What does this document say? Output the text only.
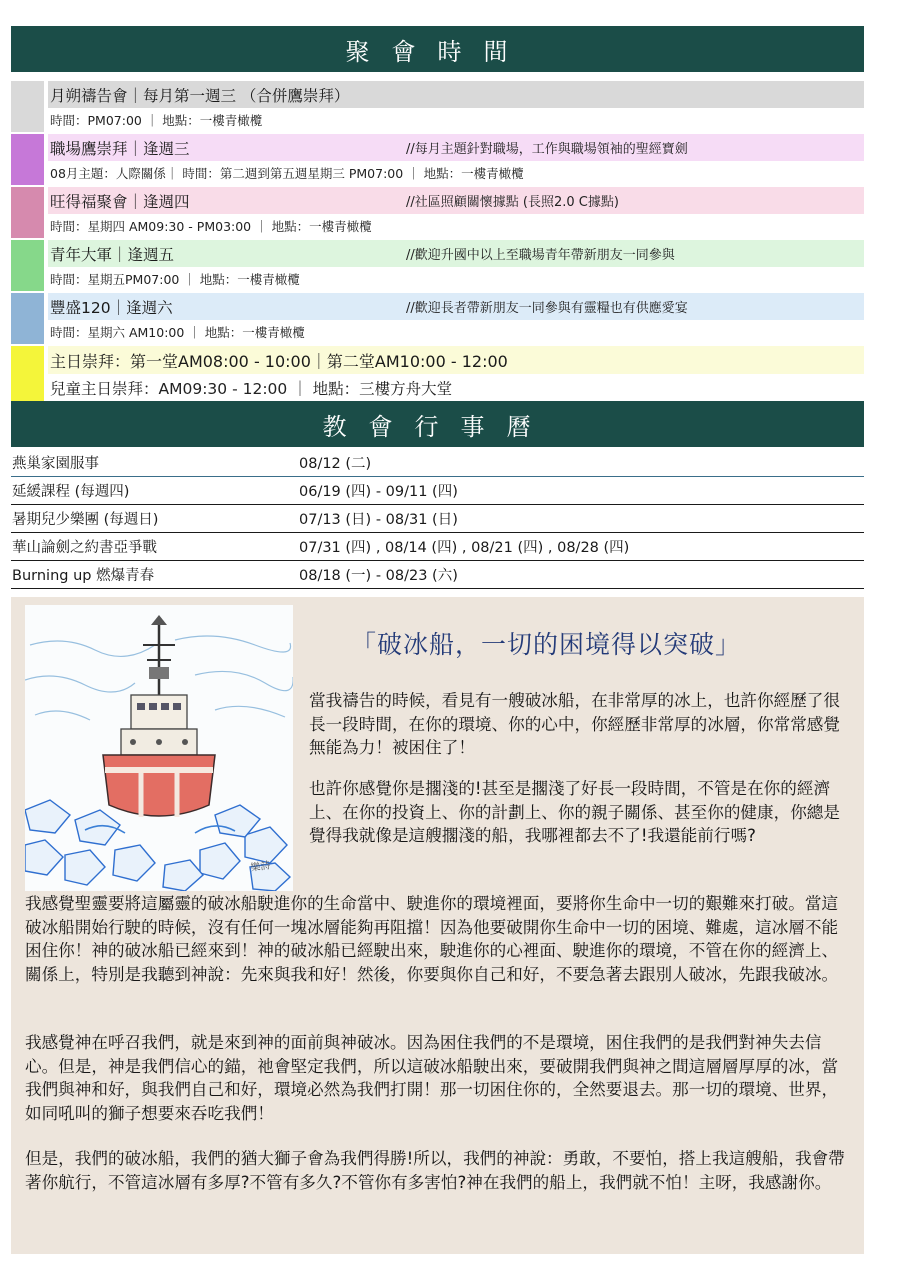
聚會時間
月朔禱告會｜每月第一週三 （合併鷹崇拜）
時間：PM07:00 ｜ 地點：一樓青橄欖
職場鷹崇拜｜逢週三	//每月主題針對職場，工作與職場領袖的聖經寶劍
08月主題：人際關係｜ 時間：第二週到第五週星期三 PM07:00 ｜ 地點：一樓青橄欖
旺得福聚會｜逢週四	//社區照顧關懷據點 (長照2.0 C據點)
時間：星期四 AM09:30 - PM03:00 ｜ 地點：一樓青橄欖
青年大軍｜逢週五	//歡迎升國中以上至職場青年帶新朋友一同參與
時間：星期五PM07:00 ｜ 地點：一樓青橄欖
豐盛120｜逢週六	//歡迎長者帶新朋友一同參與有靈糧也有供應愛宴
時間：星期六 AM10:00 ｜ 地點：一樓青橄欖
主日崇拜：第一堂AM08:00 - 10:00｜第二堂AM10:00 - 12:00
兒童主日崇拜：AM09:30 - 12:00 ｜ 地點：三樓方舟大堂
教會行事曆
燕巢家園服事	08/12 (二)
延緩課程 (每週四)	06/19 (四) - 09/11 (四)
暑期兒少樂團 (每週日)	07/13 (日) - 08/31 (日)
華山論劍之約書亞爭戰	07/31 (四) , 08/14 (四) , 08/21 (四) , 08/28 (四)
Burning up 燃爆青春	08/18 (一) - 08/23 (六)
樂詩
「破冰船，一切的困境得以突破」

當我禱告的時候，看見有一艘破冰船，在非常厚的冰上，也許你經歷了很長一段時間，在你的環境、你的心中，你經歷非常厚的冰層，你常常感覺無能為力！被困住了！

也許你感覺你是擱淺的!甚至是擱淺了好長一段時間，不管是在你的經濟上、在你的投資上、你的計劃上、你的親子關係、甚至你的健康，你總是覺得我就像是這艘擱淺的船，我哪裡都去不了!我還能前行嗎?

我感覺聖靈要將這屬靈的破冰船駛進你的生命當中、駛進你的環境裡面，要將你生命中一切的艱難來打破。當這破冰船開始行駛的時候，沒有任何一塊冰層能夠再阻擋！因為他要破開你生命中一切的困境、難處，這冰層不能困住你！神的破冰船已經來到！神的破冰船已經駛出來，駛進你的心裡面、駛進你的環境，不管在你的經濟上、關係上，特別是我聽到神說：先來與我和好！然後，你要與你自己和好，不要急著去跟別人破冰，先跟我破冰。

我感覺神在呼召我們，就是來到神的面前與神破冰。因為困住我們的不是環境，困住我們的是我們對神失去信心。但是，神是我們信心的錨，祂會堅定我們，所以這破冰船駛出來，要破開我們與神之間這層層厚厚的冰，當我們與神和好，與我們自己和好，環境必然為我們打開！那一切困住你的，全然要退去。那一切的環境、世界，如同吼叫的獅子想要來吞吃我們！

但是，我們的破冰船，我們的猶大獅子會為我們得勝!所以，我們的神說：勇敢，不要怕，搭上我這艘船，我會帶著你航行，不管這冰層有多厚?不管有多久?不管你有多害怕?神在我們的船上，我們就不怕！主呀，我感謝你。
